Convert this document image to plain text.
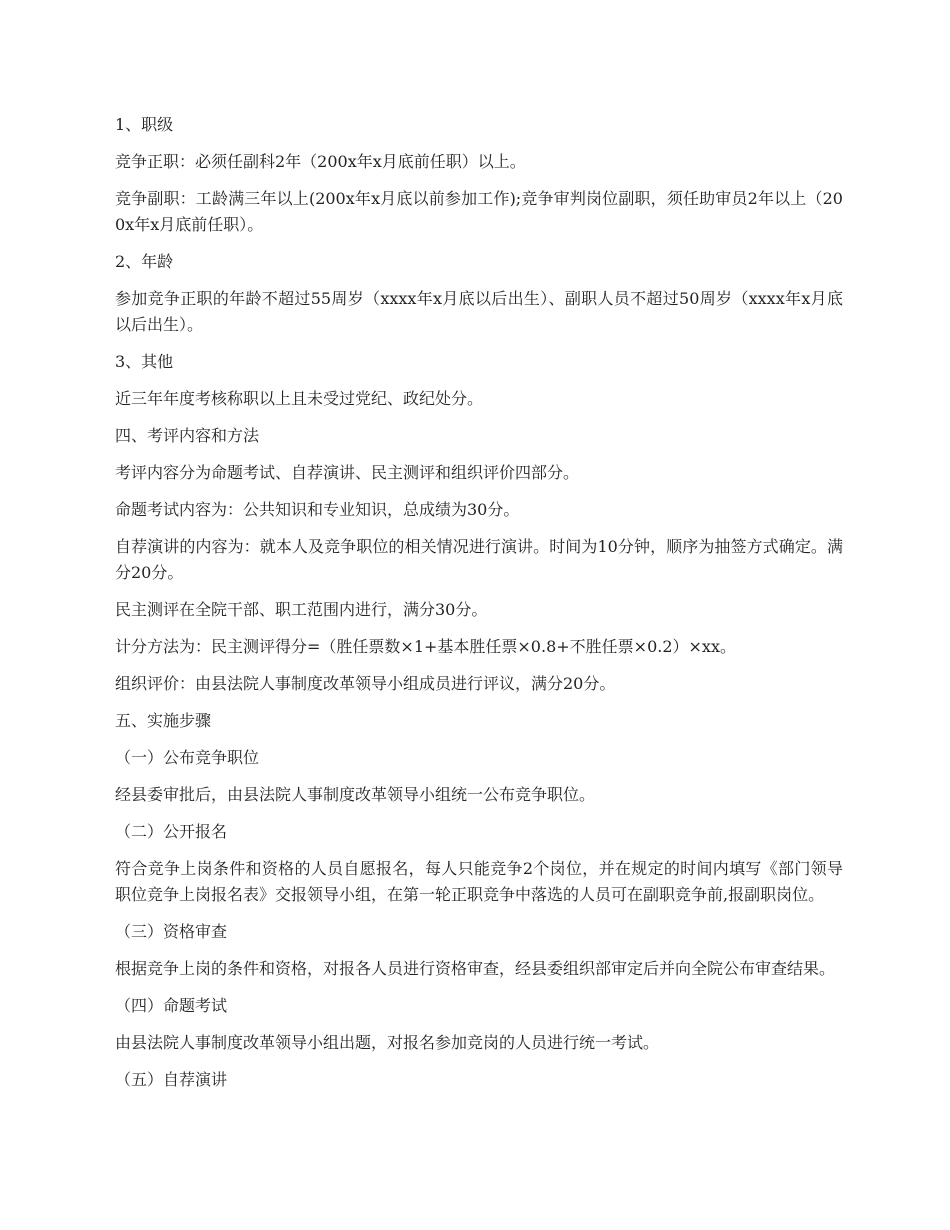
1、职级

竞争正职：必须任副科2年（200x年x月底前任职）以上。

竞争副职：工龄满三年以上(200x年x月底以前参加工作);竞争审判岗位副职，须任助审员2年以上（200x年x月底前任职）。

2、年龄

参加竞争正职的年龄不超过55周岁（xxxx年x月底以后出生）、副职人员不超过50周岁（xxxx年x月底以后出生）。

3、其他

近三年年度考核称职以上且未受过党纪、政纪处分。

四、考评内容和方法

考评内容分为命题考试、自荐演讲、民主测评和组织评价四部分。

命题考试内容为：公共知识和专业知识，总成绩为30分。

自荐演讲的内容为：就本人及竞争职位的相关情况进行演讲。时间为10分钟，顺序为抽签方式确定。满分20分。

民主测评在全院干部、职工范围内进行，满分30分。

计分方法为：民主测评得分=（胜任票数×1+基本胜任票×0.8+不胜任票×0.2）×xx。

组织评价：由县法院人事制度改革领导小组成员进行评议，满分20分。

五、实施步骤

（一）公布竞争职位

经县委审批后，由县法院人事制度改革领导小组统一公布竞争职位。

（二）公开报名

符合竞争上岗条件和资格的人员自愿报名，每人只能竞争2个岗位，并在规定的时间内填写《部门领导职位竞争上岗报名表》交报领导小组，在第一轮正职竞争中落选的人员可在副职竞争前,报副职岗位。

（三）资格审查

根据竞争上岗的条件和资格，对报各人员进行资格审查，经县委组织部审定后并向全院公布审查结果。

（四）命题考试

由县法院人事制度改革领导小组出题，对报名参加竞岗的人员进行统一考试。

（五）自荐演讲
